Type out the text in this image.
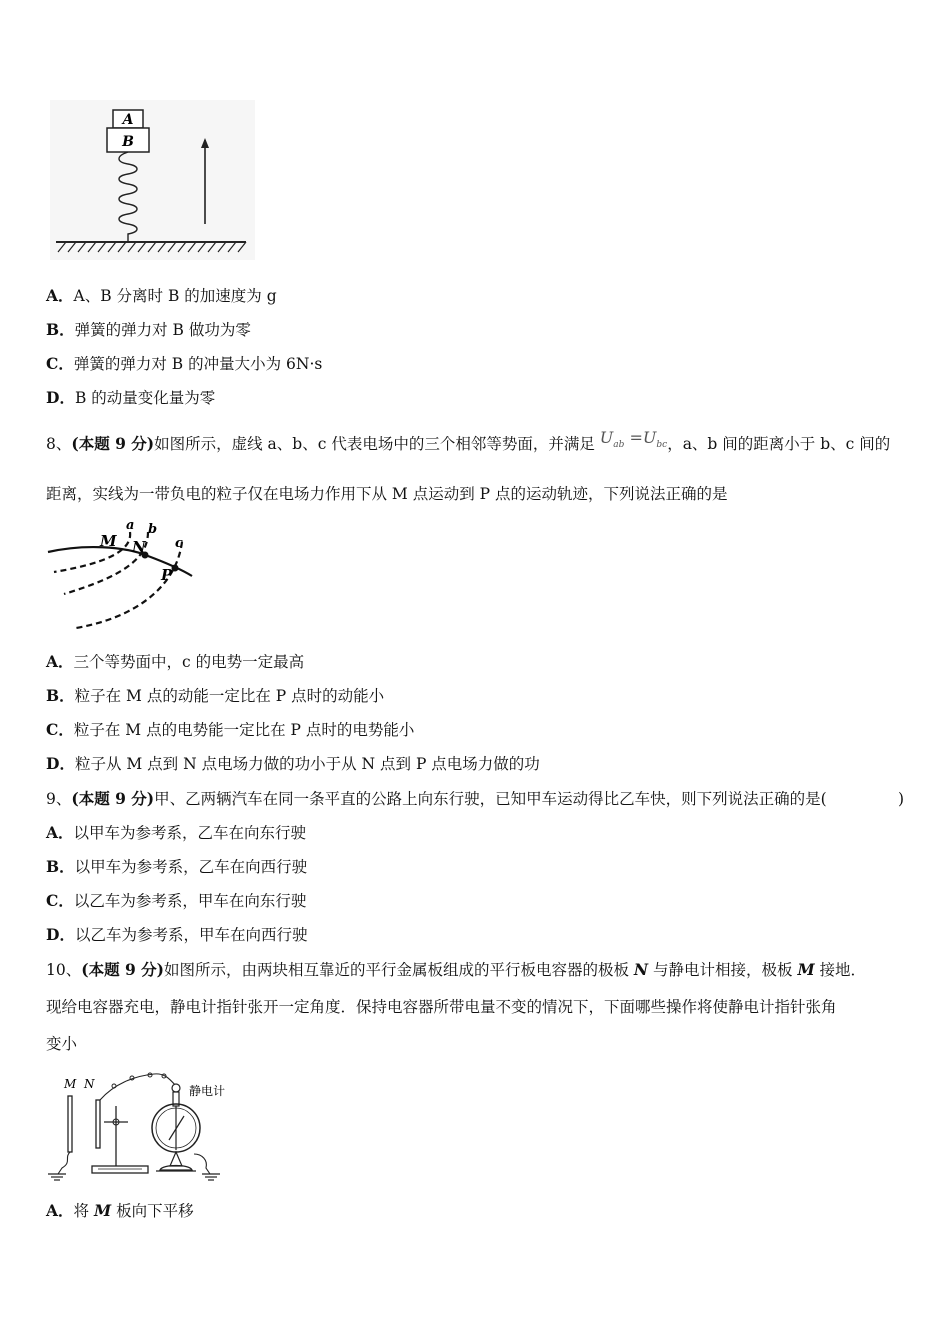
A
B
A．A、B 分离时 B 的加速度为 g
B．弹簧的弹力对 B 做功为零
C．弹簧的弹力对 B 的冲量大小为 6N·s
D．B 的动量变化量为零
8、(本题 9 分)如图所示，虚线 a、b、c 代表电场中的三个相邻等势面，并满足 $U_{ab} =U_{bc}$，a、b 间的距离小于 b、c 间的
距离，实线为一带负电的粒子仅在电场力作用下从 M 点运动到 P 点的运动轨迹，下列说法正确的是
a b
c
M N
P
A．三个等势面中，c 的电势一定最高
B．粒子在 M 点的动能一定比在 P 点时的动能小
C．粒子在 M 点的电势能一定比在 P 点时的电势能小
D．粒子从 M 点到 N 点电场力做的功小于从 N 点到 P 点电场力做的功
9、(本题 9 分)甲、乙两辆汽车在同一条平直的公路上向东行驶，已知甲车运动得比乙车快，则下列说法正确的是(	)
A．以甲车为参考系，乙车在向东行驶
B．以甲车为参考系，乙车在向西行驶
C．以乙车为参考系，甲车在向东行驶
D．以乙车为参考系，甲车在向西行驶
10、(本题 9 分)如图所示，由两块相互靠近的平行金属板组成的平行板电容器的极板 N 与静电计相接，极板 M 接地．
现给电容器充电，静电计指针张开一定角度．保持电容器所带电量不变的情况下，下面哪些操作将使静电计指针张角
变小
M N	静电计
A．将 M 板向下平移
